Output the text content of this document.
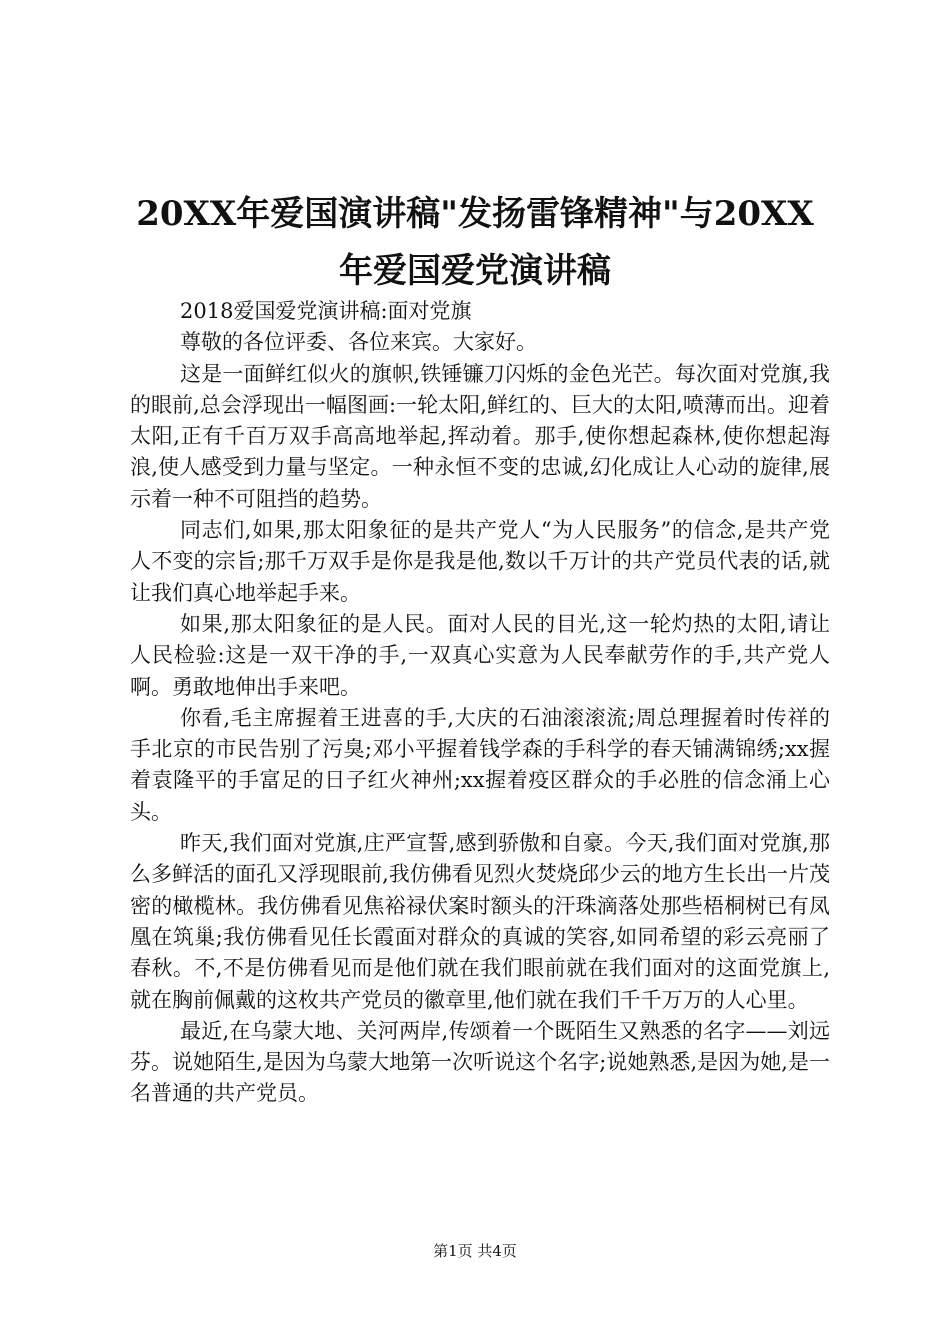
20XX年爱国演讲稿"发扬雷锋精神"与20XX
年爱国爱党演讲稿

2018爱国爱党演讲稿:面对党旗

尊敬的各位评委、各位来宾。大家好。

这是一面鲜红似火的旗帜,铁锤镰刀闪烁的金色光芒。每次面对党旗,我的眼前,总会浮现出一幅图画:一轮太阳,鲜红的、巨大的太阳,喷薄而出。迎着太阳,正有千百万双手高高地举起,挥动着。那手,使你想起森林,使你想起海浪,使人感受到力量与坚定。一种永恒不变的忠诚,幻化成让人心动的旋律,展示着一种不可阻挡的趋势。

同志们,如果,那太阳象征的是共产党人“为人民服务”的信念,是共产党人不变的宗旨;那千万双手是你是我是他,数以千万计的共产党员代表的话,就让我们真心地举起手来。

如果,那太阳象征的是人民。面对人民的目光,这一轮灼热的太阳,请让人民检验:这是一双干净的手,一双真心实意为人民奉献劳作的手,共产党人啊。勇敢地伸出手来吧。

你看,毛主席握着王进喜的手,大庆的石油滚滚流;周总理握着时传祥的手北京的市民告别了污臭;邓小平握着钱学森的手科学的春天铺满锦绣;xx握着袁隆平的手富足的日子红火神州;xx握着疫区群众的手必胜的信念涌上心头。

昨天,我们面对党旗,庄严宣誓,感到骄傲和自豪。今天,我们面对党旗,那么多鲜活的面孔又浮现眼前,我仿佛看见烈火焚烧邱少云的地方生长出一片茂密的橄榄林。我仿佛看见焦裕禄伏案时额头的汗珠滴落处那些梧桐树已有凤凰在筑巢;我仿佛看见任长霞面对群众的真诚的笑容,如同希望的彩云亮丽了春秋。不,不是仿佛看见而是他们就在我们眼前就在我们面对的这面党旗上,就在胸前佩戴的这枚共产党员的徽章里,他们就在我们千千万万的人心里。

最近,在乌蒙大地、关河两岸,传颂着一个既陌生又熟悉的名字——刘远芬。说她陌生,是因为乌蒙大地第一次听说这个名字;说她熟悉,是因为她,是一名普通的共产党员。

第1页 共4页
